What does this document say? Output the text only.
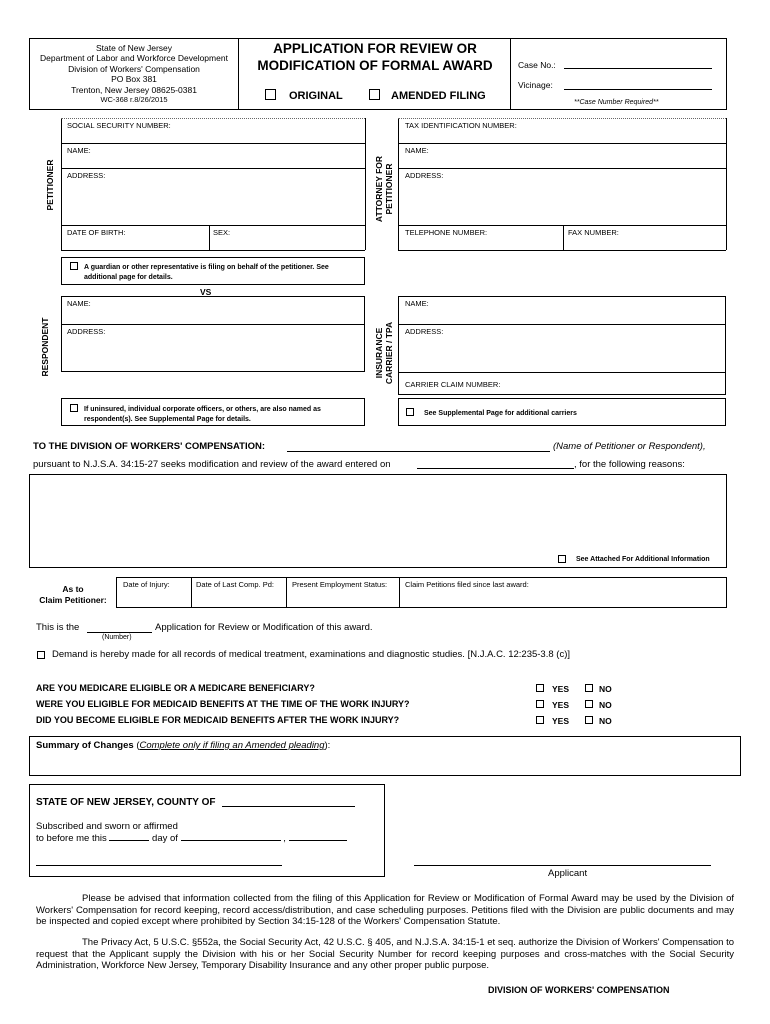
State of New Jersey
Department of Labor and Workforce Development
Division of Workers' Compensation
PO Box 381
Trenton, New Jersey 08625-0381
WC-368 r.8/26/2015
APPLICATION FOR REVIEW OR
MODIFICATION OF FORMAL AWARD
ORIGINAL	AMENDED FILING
Case No.:
Vicinage:
**Case Number Required**
PETITIONER
SOCIAL SECURITY NUMBER:
NAME:
ADDRESS:
DATE OF BIRTH:	SEX:
A guardian or other representative is filing on behalf of the petitioner. See
additional page for details.
ATTORNEY FOR PETITIONER
TAX IDENTIFICATION NUMBER:
NAME:
ADDRESS:
TELEPHONE NUMBER:	FAX NUMBER:
VS
RESPONDENT
NAME:
ADDRESS:
If uninsured, individual corporate officers, or others, are also named as
respondent(s). See Supplemental Page for details.
INSURANCE CARRIER / TPA
NAME:
ADDRESS:
CARRIER CLAIM NUMBER:
See Supplemental Page for additional carriers
TO THE DIVISION OF WORKERS' COMPENSATION:	(Name of Petitioner or Respondent),
pursuant to N.J.S.A. 34:15-27 seeks modification and review of the award entered on	, for the following reasons:
See Attached For Additional Information
As to
Claim Petitioner:
Date of Injury:	Date of Last Comp. Pd: Present Employment Status: Claim Petitions filed since last award:
This is the	Application for Review or Modification of this award.
(Number)
Demand is hereby made for all records of medical treatment, examinations and diagnostic studies. [N.J.A.C. 12:235-3.8 (c)]
ARE YOU MEDICARE ELIGIBLE OR A MEDICARE BENEFICIARY?	YES	NO
WERE YOU ELIGIBLE FOR MEDICAID BENEFITS AT THE TIME OF THE WORK INJURY?	YES	NO
DID YOU BECOME ELIGIBLE FOR MEDICAID BENEFITS AFTER THE WORK INJURY?	YES	NO
Summary of Changes (Complete only if filing an Amended pleading):
STATE OF NEW JERSEY, COUNTY OF
Subscribed and sworn or affirmed
to before me this	day of	,
Applicant
Please be advised that information collected from the filing of this Application for Review or Modification of Formal Award may be used by the Division of Workers' Compensation for record keeping, record access/distribution, and case scheduling purposes. Petitions filed with the Division are public documents and may be inspected and copied except where prohibited by Section 34:15-128 of the Workers' Compensation Statute.
The Privacy Act, 5 U.S.C. §552a, the Social Security Act, 42 U.S.C. § 405, and N.J.S.A. 34:15-1 et seq. authorize the Division of Workers' Compensation to request that the Applicant supply the Division with his or her Social Security Number for record keeping purposes and cross-matches with the Social Security Administration, Workforce New Jersey, Temporary Disability Insurance and any other proper public purpose.
DIVISION OF WORKERS' COMPENSATION
